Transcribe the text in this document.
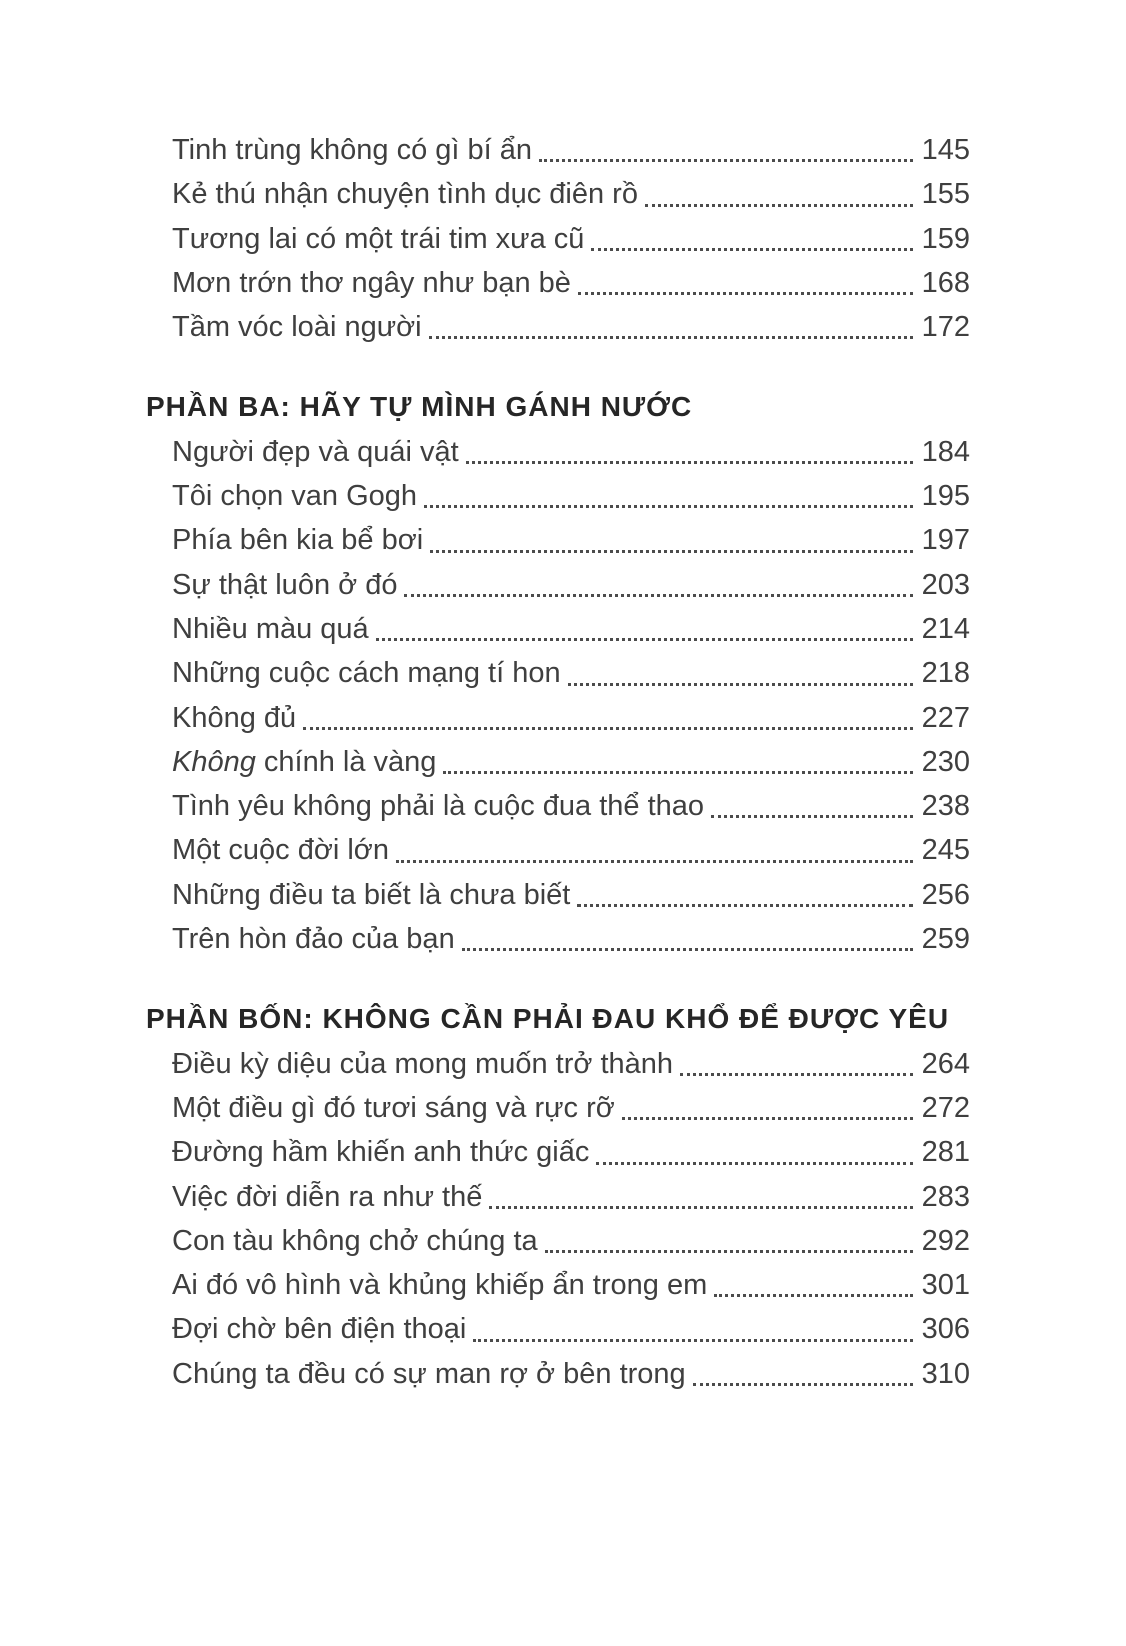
Tinh trùng không có gì bí ẩn	145
Kẻ thú nhận chuyện tình dục điên rồ	155
Tương lai có một trái tim xưa cũ	159
Mơn trớn thơ ngây như bạn bè	168
Tầm vóc loài người	172
PHẦN BA: HÃY TỰ MÌNH GÁNH NƯỚC
Người đẹp và quái vật	184
Tôi chọn van Gogh	195
Phía bên kia bể bơi	197
Sự thật luôn ở đó	203
Nhiều màu quá	214
Những cuộc cách mạng tí hon	218
Không đủ	227
Không chính là vàng	230
Tình yêu không phải là cuộc đua thể thao	238
Một cuộc đời lớn	245
Những điều ta biết là chưa biết	256
Trên hòn đảo của bạn	259
PHẦN BỐN: KHÔNG CẦN PHẢI ĐAU KHỔ ĐỂ ĐƯỢC YÊU
Điều kỳ diệu của mong muốn trở thành	264
Một điều gì đó tươi sáng và rực rỡ	272
Đường hầm khiến anh thức giấc	281
Việc đời diễn ra như thế	283
Con tàu không chở chúng ta	292
Ai đó vô hình và khủng khiếp ẩn trong em	301
Đợi chờ bên điện thoại	306
Chúng ta đều có sự man rợ ở bên trong	310
